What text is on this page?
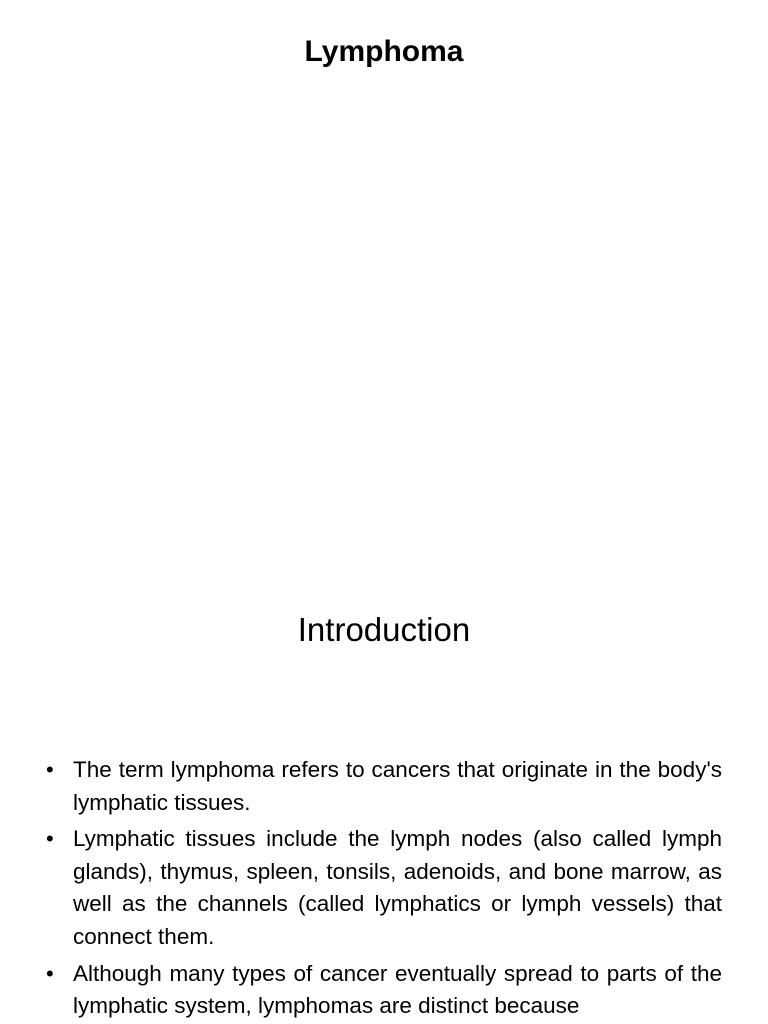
Lymphoma
Introduction
• The term lymphoma refers to cancers that originate in the body's lymphatic tissues.
• Lymphatic tissues include the lymph nodes (also called lymph glands), thymus, spleen, tonsils, adenoids, and bone marrow, as well as the channels (called lymphatics or lymph vessels) that connect them.
• Although many types of cancer eventually spread to parts of the lymphatic system, lymphomas are distinct because
